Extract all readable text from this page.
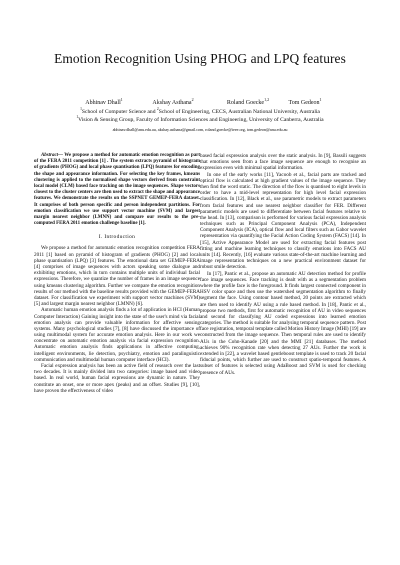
Emotion Recognition Using PHOG and LPQ features
Abhinav Dhall$^1$
Akshay Asthana$^2$
Roland Goecke$^{1,2}$
Tom Gedeon$^1$
$^1$School of Computer Science and $^2$School of Engineering, CECS, Australian National University, Australia
$^1$Vision & Sensing Group, Faculty of Information Sciences and Engineering, University of Canberra, Australia
abhinav.dhall@anu.edu.au, akshay.asthana@gmail.com, roland.goecke@ieee.org, tom.gedeon@anu.edu.au

Abstract— We propose a method for automatic emotion recognition as part of the FERA 2011 competition [1] . The system extracts pyramid of histogram of gradients (PHOG) and local phase quantisation (LPQ) features for encoding the shape and appearance information. For selecting the key frames, kmeans clustering is applied to the normalised shape vectors derived from constraint local model (CLM) based face tracking on the image sequences. Shape vectors closest to the cluster centers are then used to extract the shape and appearance features. We demonstrate the results on the SSPNET GEMEP-FERA dataset. It comprises of both person specific and person independent partitions. For emotion classification we use support vector machine (SVM) and largest margin nearest neighbor (LMNN) and compare our results to the pre-computed FERA 2011 emotion challenge baseline [1].

I. Introduction

We propose a method for automatic emotion recognition competition FERA 2011 [1] based on pyramid of histogram of gradients (PHOG) [2] and local phase quantisation (LPQ) [3] features. The emotional data set GEMEP-FERA [4] comprises of image sequences with actors speaking some dialogue and exhibiting emotions, which in turn contains multiple units of individual facial expressions. Therefore, we quantize the number of frames in an image sequence using kmeans clustering algorithm. Further we compare the emotion recognition results of our method with the baseline results provided with the GEMEP-FERA dataset. For classification we experiment with support vector machines (SVM) [5] and largest margin nearest neighbor (LMNN) [6].

Automatic human emotion analysis finds a lot of application in HCI (Human Computer Interaction) Gaining insight into the state of the user's mind via facial emotion analysis can provide valuable information for affective sensing systems. Many psychological studies [7], [8] have discussed the importance of using multimodal system for accurate emotion analysis. Here in our work we concentrate on automatic emotion analysis via facial expression recognition. Automatic emotion analysis finds applications in affective computing, intelligent environments, lie detection, psychiatry, emotion and paralinguistic communication and multimodal human computer interface (HCI).

Facial expression analysis has been an active field of research over the last two decades. It is mainly divided into two categories: image based and video based. In real world, human facial expressions are dynamic in nature. They constitute an onset, one or more apex (peaks) and an offset. Studies [9], [10], have proven the effectiveness of video

based facial expression analysis over the static analysis. In [9], Bassili suggests that emotions seen from a face image sequence are enough to recognise an expression even with minimal spatial information.

In one of the early works [11], Yacoob et al., facial parts are tracked and optical flow is calculated at high gradient values of the image sequence. They then find the word static. The direction of the flow is quantised to eight levels in order to have a mid-level representation for high level facial expression classification. In [12], Black et al., use parametric models to extract parameters from facial features and use nearest neighbor classifier for FER. Different parametric models are used to differentiate between facial features relative to the head. In [13], comparison is performed for various facial expression analysis techniques such as Principal Component Analysis (PCA), Independent Component Analysis (ICA), optical flow and local filters such as Gabor wavelet representation via quantifying the Facial Action Coding System (FACS) [14]. In [15], Active Appearance Model are used for extracting facial features post fitting and machine learning techniques to classify emotions into FACS AU units [14]. Recently, [16] evaluate various state-of-the-art machine learning and image representation techniques on a new practical environment dataset for robust smile detection.

In [17], Pantic et al., propose an automatic AU detection method for profile face image sequences. Face tracking is dealt with as a segmentation problem where the profile face is the foreground. It finds largest connected component in HSV color space and then use the watershed segmentation algorithm to finally segment the face. Using contour based method, 20 points are extracted which are then used to identify AU using a rule based method. In [18], Pantic et al., propose two methods, first for automatic recognition of AU in video sequences and second for classifying AU coded expressions into learned emotion categories. The method is suitable for analysing temporal sequence pattern. Post face registration, temporal template called Motion History Image (MHI) [19] are constructed from the image sequence. Then temporal rules are used to identify AUs in the Cohn-Kanade [20] and the MMI [21] databases. The method achieves 90% recognition rate when detecting 27 AUs. Further the work is extended in [22], a wavelet based gentleboost template is used to track 20 facial fiducial points, which further are used to construct spatio-temporal features. A subset of features is selected using AdaBoost and SVM is used for checking presence of AUs.
